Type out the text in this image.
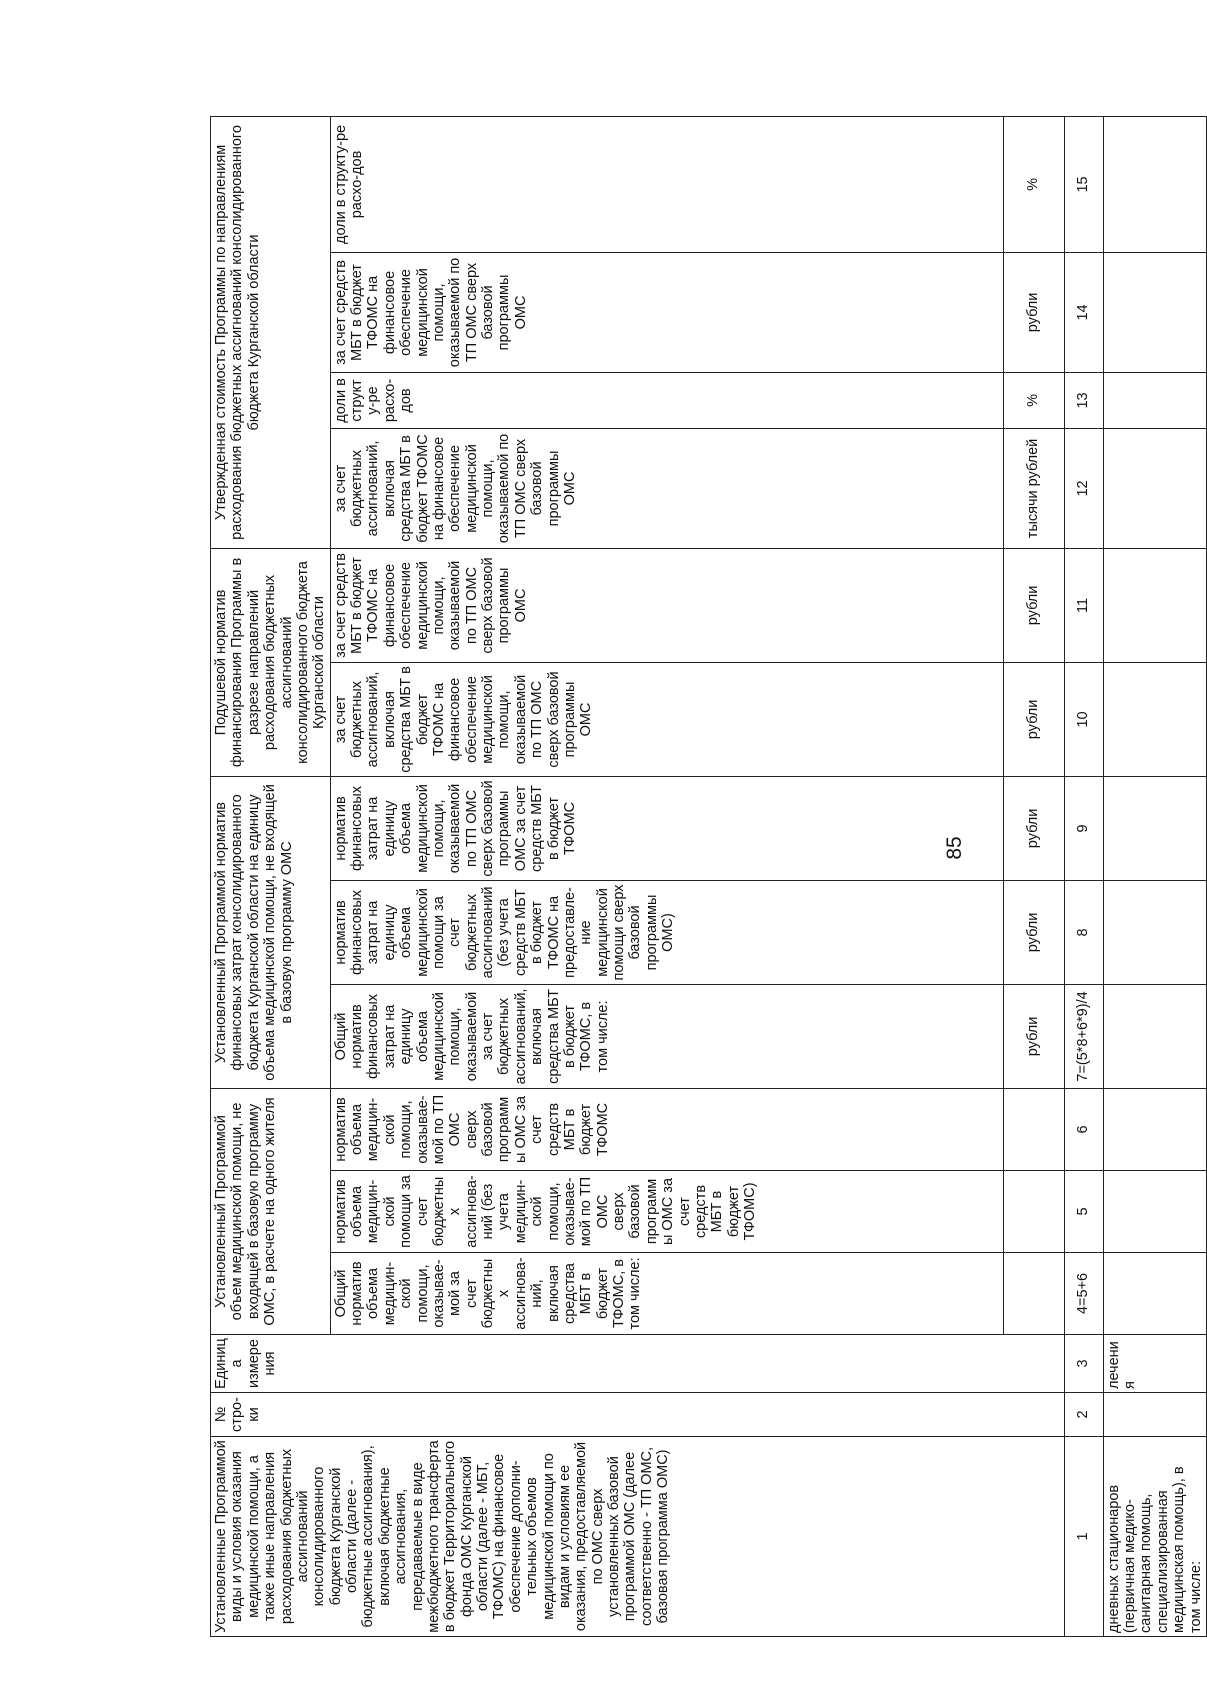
85
Установленные Программой виды и условия оказания медицинской помощи, а также иные направления расходования бюджетных ассигнований консолидированного бюджета Курганской области (далее - бюджетные ассигнования), включая бюджетные ассигнования, передаваемые в виде межбюджетного трансферта в бюджет Территориального фонда ОМС Курганской области (далее - МБТ, ТФОМС) на финансовое обеспечение дополни-тельных объемов медицинской помощи по видам и условиям ее оказания, предоставляемой по ОМС сверх установленных базовой программой ОМС (далее соответственно - ТП ОМС, базовая программа ОМС)	№ стро-ки	Единица измерения	Установленный Программой объем медицинской помощи, не входящей в базовую программу ОМС, в расчете на одного жителя			Установленный Программой норматив финансовых затрат консолидированного бюджета Курганской области на единицу объема медицинской помощи, не входящей в базовую программу ОМС			Подушевой норматив финансирования Программы в разрезе направлений расходования бюджетных ассигнований консолидированного бюджета Курганской области		Утвержденная стоимость Программы по направлениям расходования бюджетных ассигнований консолидированного бюджета Курганской области			
			Общий норматив объема медицин-ской помощи, оказывае-мой за счет бюджетных ассигнова-ний, включая средства МБТ в бюджет ТФОМС, в том числе:	норматив объема медицин-ской помощи за счет бюджетных ассигнова-ний (без учета медицин-ской помощи, оказывае-мой по ТП ОМС сверх базовой программы ОМС за счет средств МБТ в бюджет ТФОМС)	норматив объема медицин-ской помощи, оказывае-мой по ТП ОМС сверх базовой программы ОМС за счет средств МБТ в бюджет ТФОМС	Общий норматив финансовых затрат на единицу объема медицинской помощи, оказываемой за счет бюджетных ассигнований, включая средства МБТ в бюджет ТФОМС, в том числе:	норматив финансовых затрат на единицу объема медицинской помощи за счет бюджетных ассигнований (без учета средств МБТ в бюджет ТФОМС на предоставле-ние медицинской помощи сверх базовой программы ОМС)	норматив финансовых затрат на единицу объема медицинской помощи, оказываемой по ТП ОМС сверх базовой программы ОМС за счет средств МБТ в бюджет ТФОМС	за счет бюджетных ассигнований, включая средства МБТ в бюджет ТФОМС на финансовое обеспечение медицинской помощи, оказываемой по ТП ОМС сверх базовой программы ОМС	за счет средств МБТ в бюджет ТФОМС на финансовое обеспечение медицинской помощи, оказываемой по ТП ОМС сверх базовой программы ОМС	за счет бюджетных ассигнований, включая средства МБТ в бюджет ТФОМС на финансовое обеспечение медицинской помощи, оказываемой по ТП ОМС сверх базовой программы ОМС	доли в структу-ре расхо-дов	за счет средств МБТ в бюджет ТФОМС на финансовое обеспечение медицинской помощи, оказываемой по ТП ОМС сверх базовой программы ОМС	доли в структу-ре расхо-дов
						рубли	рубли	рубли	рубли	рубли	тысячи рублей	%	рубли	%
1	2	3	4=5+6	5	6	7=(5*8+6*9)/4	8	9	10	11	12	13	14	15
дневных стационаров (первичная медико-санитарная помощь, специализированная медицинская помощь), в том числе:		лечения												
